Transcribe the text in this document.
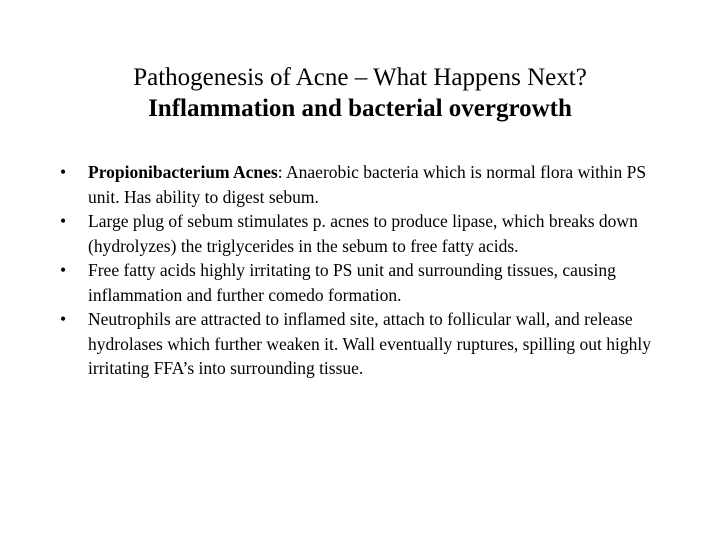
Pathogenesis of Acne – What Happens Next?
Inflammation and bacterial overgrowth
•	Propionibacterium Acnes: Anaerobic bacteria which is normal flora within PS unit. Has ability to digest sebum.
•	Large plug of sebum stimulates p. acnes to produce lipase, which breaks down (hydrolyzes) the triglycerides in the sebum to free fatty acids.
•	Free fatty acids highly irritating to PS unit and surrounding tissues, causing inflammation and further comedo formation.
•	Neutrophils are attracted to inflamed site, attach to follicular wall, and release hydrolases which further weaken it. Wall eventually ruptures, spilling out highly irritating FFA’s into surrounding tissue.
